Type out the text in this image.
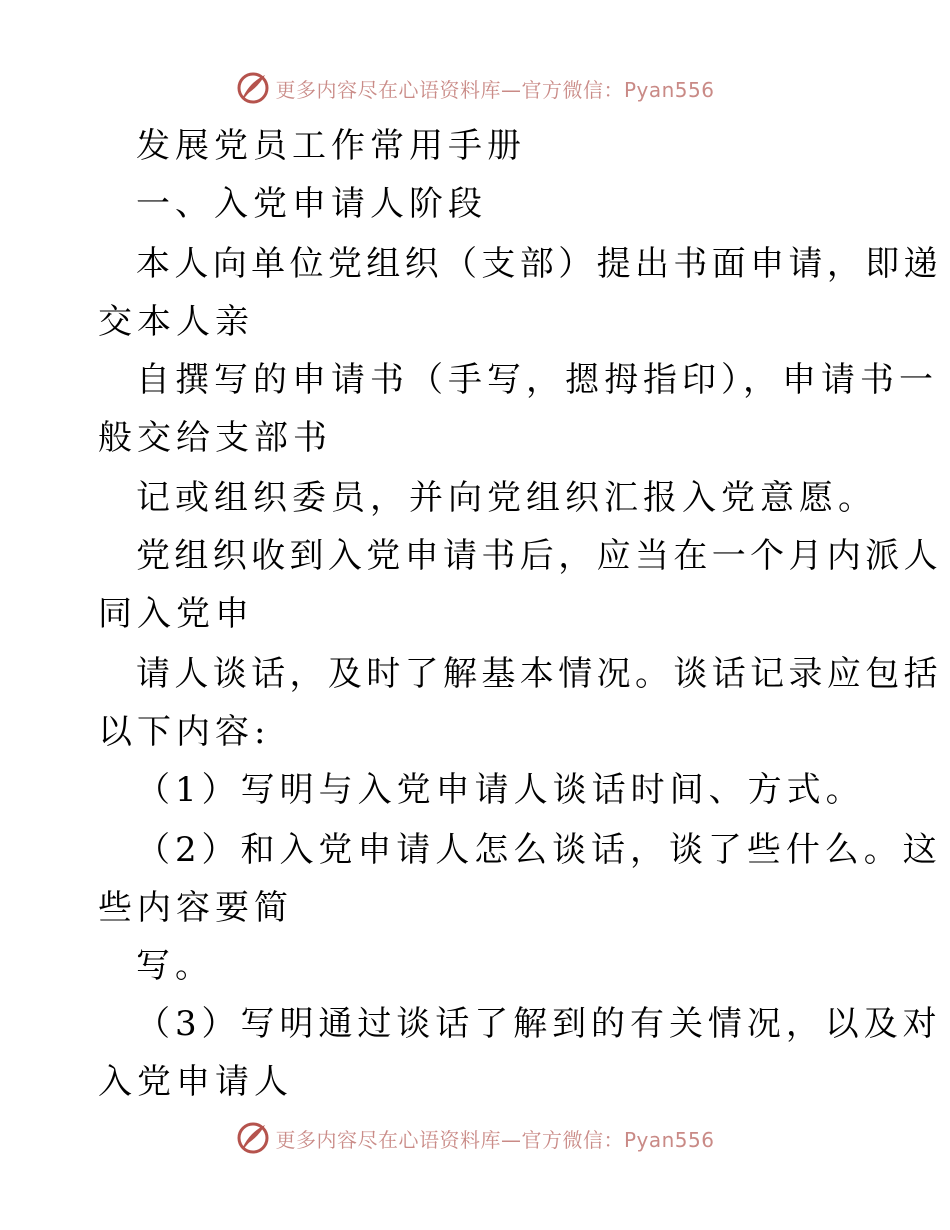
更多内容尽在心语资料库—官方微信：Pyan556
发展党员工作常用手册
一、入党申请人阶段
本人向单位党组织（支部）提出书面申请，即递
交本人亲
自撰写的申请书（手写，摁拇指印），申请书一
般交给支部书
记或组织委员，并向党组织汇报入党意愿。
党组织收到入党申请书后，应当在一个月内派人
同入党申
请人谈话，及时了解基本情况。谈话记录应包括
以下内容:
（1）写明与入党申请人谈话时间、方式。
（2）和入党申请人怎么谈话，谈了些什么。这
些内容要简
写。
（3）写明通过谈话了解到的有关情况，以及对
入党申请人
更多内容尽在心语资料库—官方微信：Pyan556
